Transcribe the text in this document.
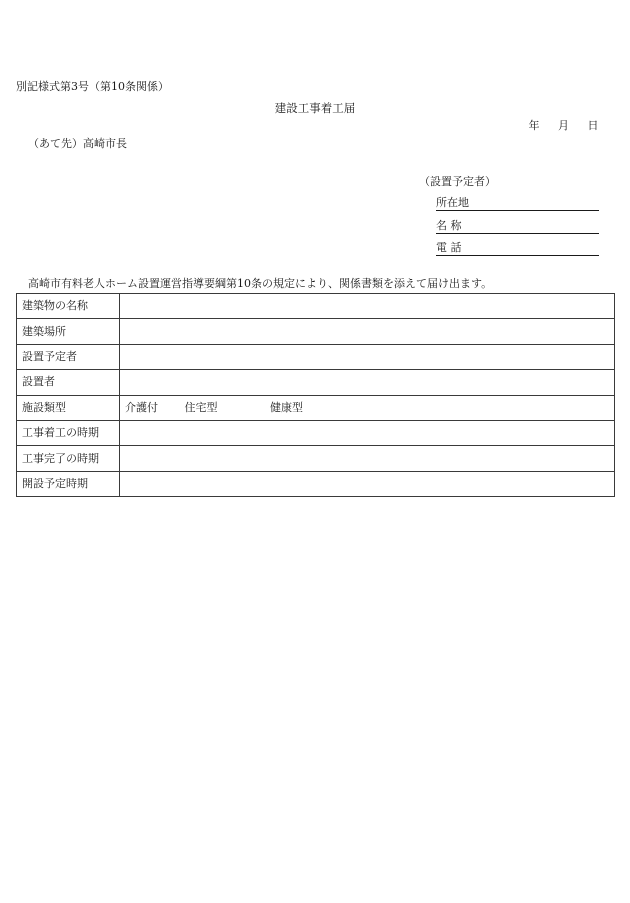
別記様式第3号（第10条関係）
建設工事着工届
年 月 日
（あて先）高崎市長
（設置予定者）
所在地
名 称
電 話
高崎市有料老人ホーム設置運営指導要綱第10条の規定により、関係書類を添えて届け出ます。
建築物の名称	
建築場所	
設置予定者	
設置者	
施設類型	介護付 住宅型 健康型
工事着工の時期	
工事完了の時期	
開設予定時期	
